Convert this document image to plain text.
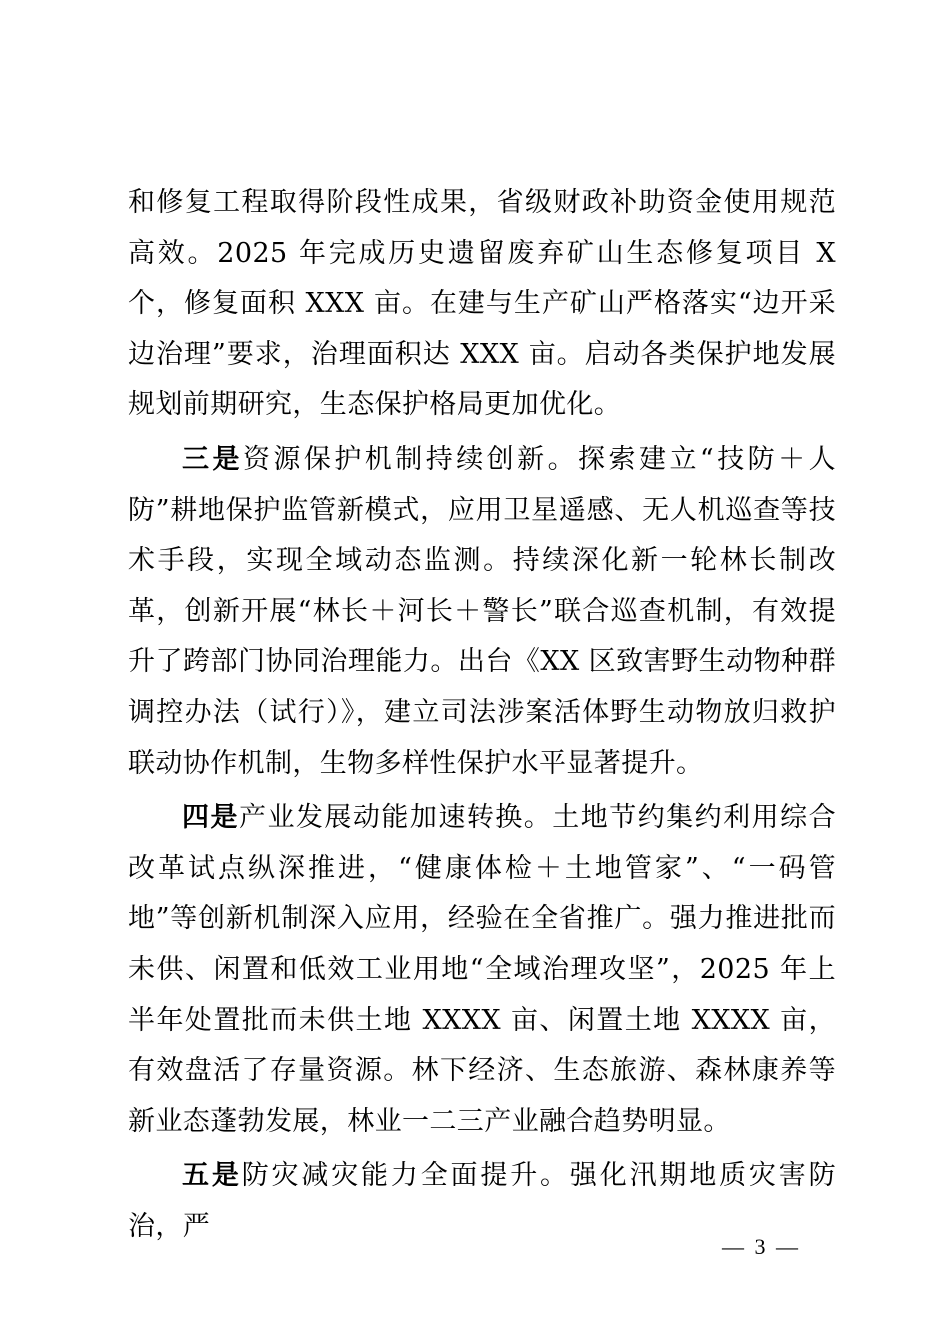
和修复工程取得阶段性成果，省级财政补助资金使用规范高效。2025 年完成历史遗留废弃矿山生态修复项目 X 个，修复面积 XXX 亩。在建与生产矿山严格落实“边开采边治理”要求，治理面积达 XXX 亩。启动各类保护地发展规划前期研究，生态保护格局更加优化。

三是资源保护机制持续创新。探索建立“技防＋人防”耕地保护监管新模式，应用卫星遥感、无人机巡查等技术手段，实现全域动态监测。持续深化新一轮林长制改革，创新开展“林长＋河长＋警长”联合巡查机制，有效提升了跨部门协同治理能力。出台《XX 区致害野生动物种群调控办法（试行）》，建立司法涉案活体野生动物放归救护联动协作机制，生物多样性保护水平显著提升。

四是产业发展动能加速转换。土地节约集约利用综合改革试点纵深推进，“健康体检＋土地管家”、“一码管地”等创新机制深入应用，经验在全省推广。强力推进批而未供、闲置和低效工业用地“全域治理攻坚”，2025 年上半年处置批而未供土地 XXXX 亩、闲置土地 XXXX 亩，有效盘活了存量资源。林下经济、生态旅游、森林康养等新业态蓬勃发展，林业一二三产业融合趋势明显。

五是防灾减灾能力全面提升。强化汛期地质灾害防治，严

— 3 —
